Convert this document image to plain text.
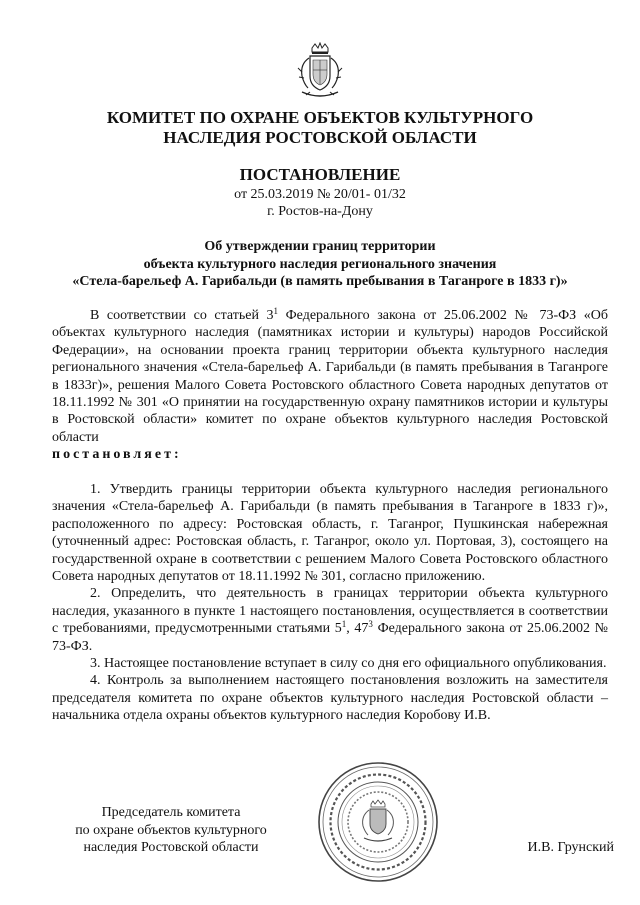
КОМИТЕТ ПО ОХРАНЕ ОБЪЕКТОВ КУЛЬТУРНОГО
НАСЛЕДИЯ РОСТОВСКОЙ ОБЛАСТИ
ПОСТАНОВЛЕНИЕ
от 25.03.2019 № 20/01- 01/32
г. Ростов-на-Дону
Об утверждении границ территории
объекта культурного наследия регионального значения
«Стела-барельеф А. Гарибальди (в память пребывания в Таганроге в 1833 г)»

В соответствии со статьей $3^1$ Федерального закона от 25.06.2002 № 73-ФЗ «Об объектах культурного наследия (памятниках истории и культуры) народов Российской Федерации», на основании проекта границ территории объекта культурного наследия регионального значения «Стела-барельеф А. Гарибальди (в память пребывания в Таганроге в 1833г)», решения Малого Совета Ростовского областного Совета народных депутатов от 18.11.1992 № 301 «О принятии на государственную охрану памятников истории и культуры в Ростовской области» комитет по охране объектов культурного наследия Ростовской области

постановляет:

1. Утвердить границы территории объекта культурного наследия регионального значения «Стела-барельеф А. Гарибальди (в память пребывания в Таганроге в 1833 г)», расположенного по адресу: Ростовская область, г. Таганрог, Пушкинская набережная (уточненный адрес: Ростовская область, г. Таганрог, около ул. Портовая, 3), состоящего на государственной охране в соответствии с решением Малого Совета Ростовского областного Совета народных депутатов от 18.11.1992 № 301, согласно приложению.

2. Определить, что деятельность в границах территории объекта культурного наследия, указанного в пункте 1 настоящего постановления, осуществляется в соответствии с требованиями, предусмотренными статьями $5^1$, $47^3$ Федерального закона от 25.06.2002 № 73-ФЗ.

3. Настоящее постановление вступает в силу со дня его официального опубликования.

4. Контроль за выполнением настоящего постановления возложить на заместителя председателя комитета по охране объектов культурного наследия Ростовской области – начальника отдела охраны объектов культурного наследия Коробову И.В.

Председатель комитета
по охране объектов культурного
наследия Ростовской области	И.В. Грунский
